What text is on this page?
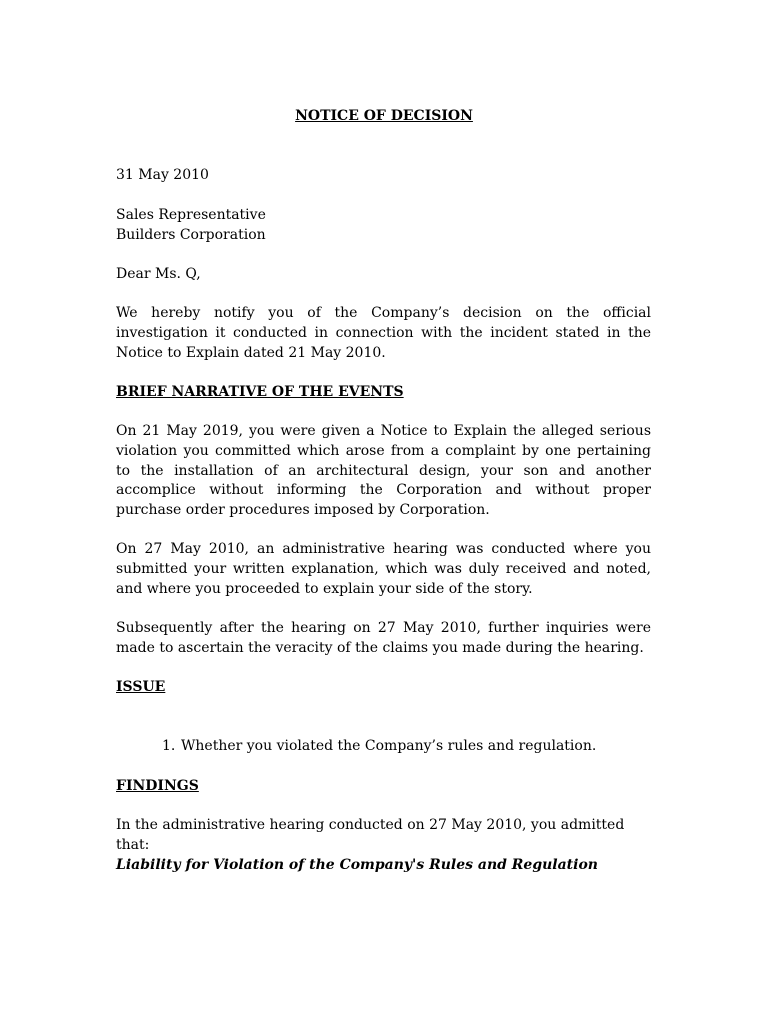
NOTICE OF DECISION

31 May 2010

Sales Representative
Builders Corporation

Dear Ms. Q,

We hereby notify you of the Company’s decision on the official investigation it conducted in connection with the incident stated in the Notice to Explain dated 21 May 2010.

BRIEF NARRATIVE OF THE EVENTS

On 21 May 2019, you were given a Notice to Explain the alleged serious violation you committed which arose from a complaint by one pertaining to the installation of an architectural design, your son and another accomplice without informing the Corporation and without proper purchase order procedures imposed by Corporation.

On 27 May 2010, an administrative hearing was conducted where you submitted your written explanation, which was duly received and noted, and where you proceeded to explain your side of the story.

Subsequently after the hearing on 27 May 2010, further inquiries were made to ascertain the veracity of the claims you made during the hearing.

ISSUE
1. Whether you violated the Company’s rules and regulation.
FINDINGS

In the administrative hearing conducted on 27 May 2010, you admitted that:

Liability for Violation of the Company's Rules and Regulation
